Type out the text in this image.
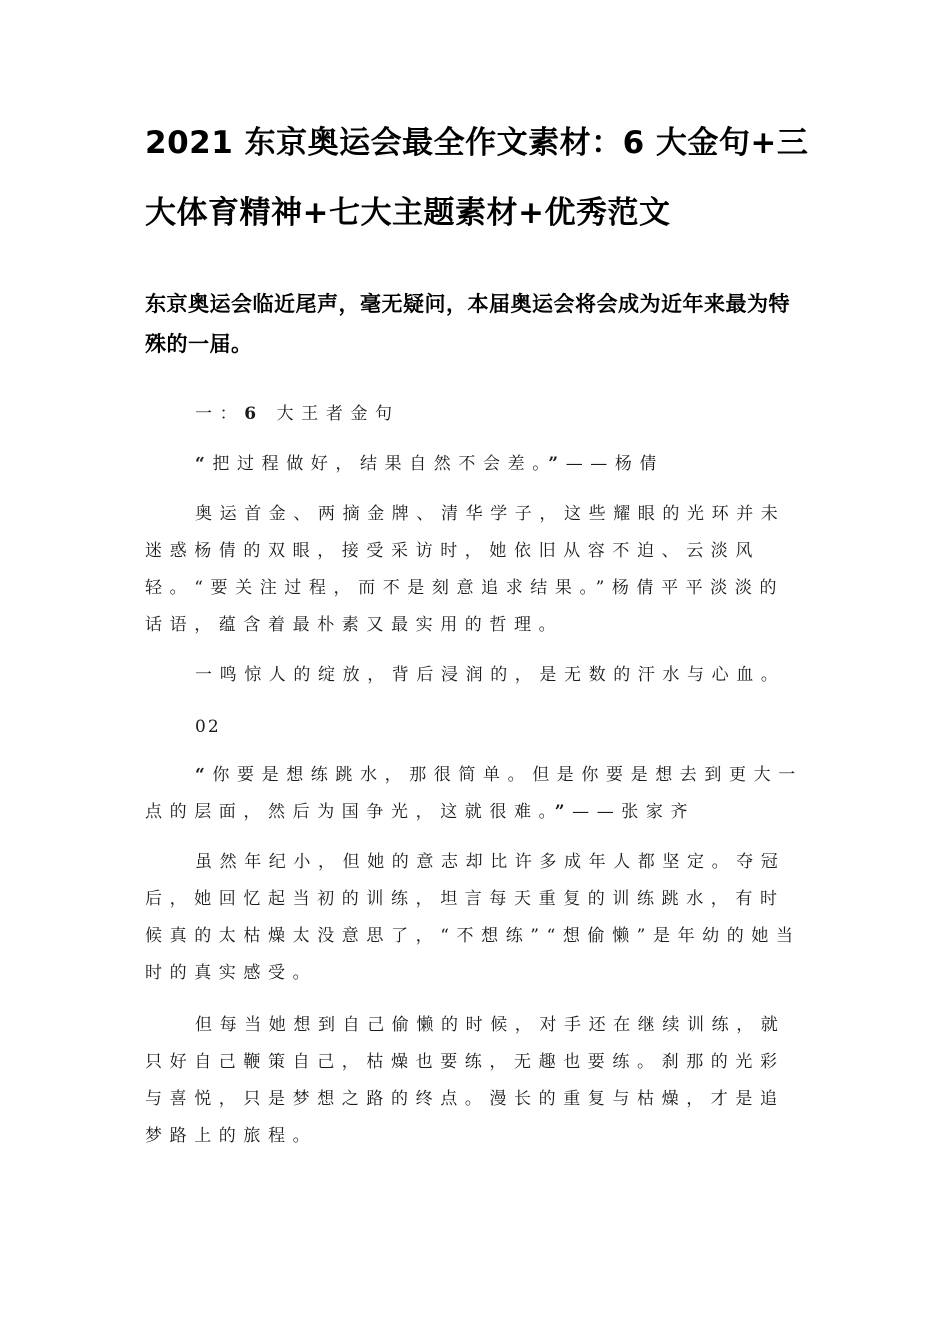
2021 东京奥运会最全作文素材：6 大金句+三大体育精神+七大主题素材+优秀范文

东京奥运会临近尾声，毫无疑问，本届奥运会将会成为近年来最为特殊的一届。

一：6 大王者金句
“把过程做好，结果自然不会差。”——杨倩

奥运首金、两摘金牌、清华学子，这些耀眼的光环并未迷惑杨倩的双眼，接受采访时，她依旧从容不迫、云淡风轻。“要关注过程，而不是刻意追求结果。”杨倩平平淡淡的话语，蕴含着最朴素又最实用的哲理。

一鸣惊人的绽放，背后浸润的，是无数的汗水与心血。

02
“你要是想练跳水，那很简单。但是你要是想去到更大一点的层面，然后为国争光，这就很难。”——张家齐

虽然年纪小，但她的意志却比许多成年人都坚定。夺冠后，她回忆起当初的训练，坦言每天重复的训练跳水，有时候真的太枯燥太没意思了，“不想练”“想偷懒”是年幼的她当时的真实感受。

但每当她想到自己偷懒的时候，对手还在继续训练，就只好自己鞭策自己，枯燥也要练，无趣也要练。刹那的光彩与喜悦，只是梦想之路的终点。漫长的重复与枯燥，才是追梦路上的旅程。
